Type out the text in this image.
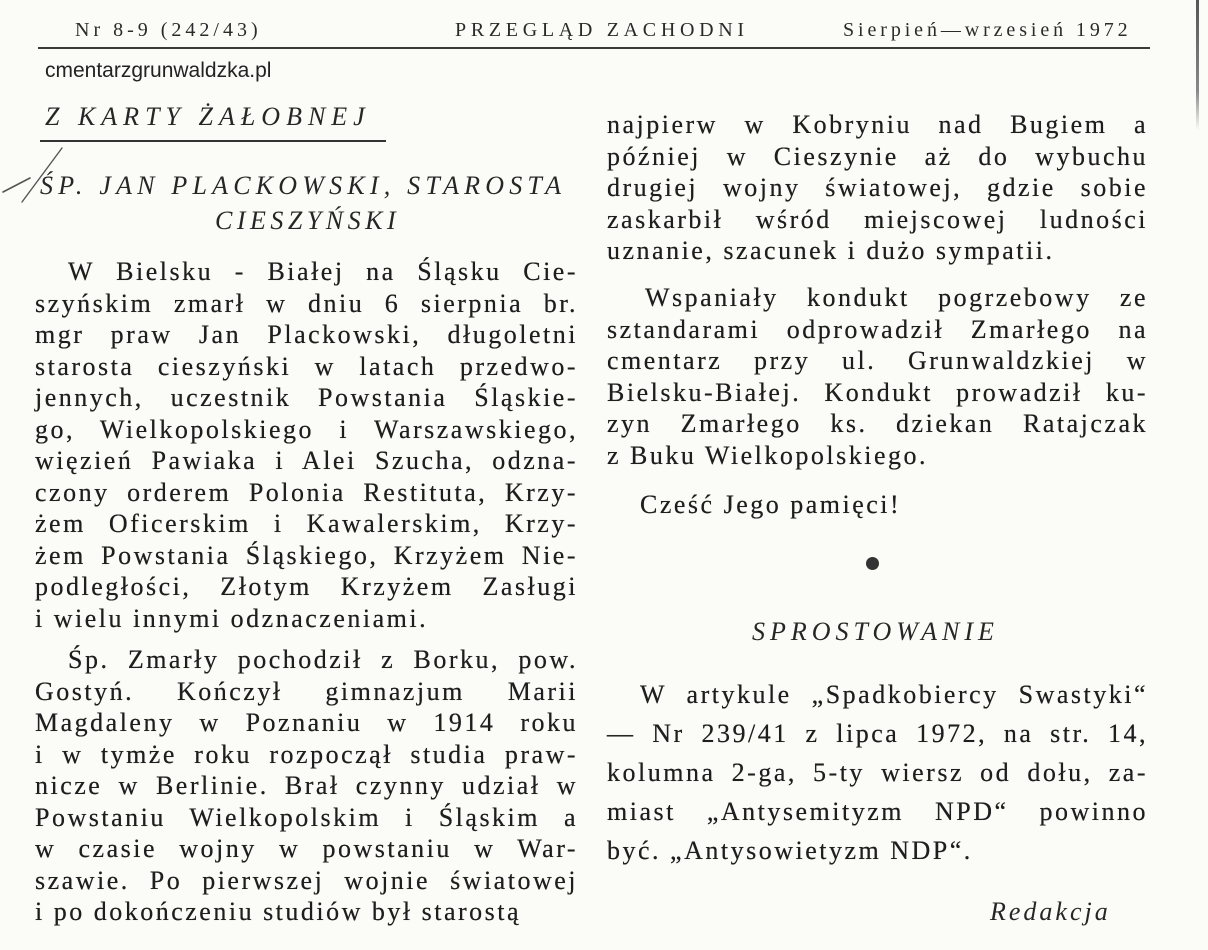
Nr 8-9 (242/43)	PRZEGLĄD ZACHODNI	Sierpień—wrzesień 1972
cmentarzgrunwaldzka.pl
Z KARTY ŻAŁOBNEJ
ŚP. JAN PLACKOWSKI, STAROSTA
CIESZYŃSKI
W Bielsku - Białej na Śląsku Cie-
szyńskim zmarł w dniu 6 sierpnia br.
mgr praw Jan Plackowski, długoletni
starosta cieszyński w latach przedwo-
jennych, uczestnik Powstania Śląskie-
go, Wielkopolskiego i Warszawskiego,
więzień Pawiaka i Alei Szucha, odzna-
czony orderem Polonia Restituta, Krzy-
żem Oficerskim i Kawalerskim, Krzy-
żem Powstania Śląskiego, Krzyżem Nie-
podległości, Złotym Krzyżem Zasługi
i wielu innymi odznaczeniami.
Śp. Zmarły pochodził z Borku, pow.
Gostyń. Kończył gimnazjum Marii
Magdaleny w Poznaniu w 1914 roku
i w tymże roku rozpoczął studia praw-
nicze w Berlinie. Brał czynny udział w
Powstaniu Wielkopolskim i Śląskim a
w czasie wojny w powstaniu w War-
szawie. Po pierwszej wojnie światowej
i po dokończeniu studiów był starostą
najpierw w Kobryniu nad Bugiem a
później w Cieszynie aż do wybuchu
drugiej wojny światowej, gdzie sobie
zaskarbił wśród miejscowej ludności
uznanie, szacunek i dużo sympatii.
Wspaniały kondukt pogrzebowy ze
sztandarami odprowadził Zmarłego na
cmentarz przy ul. Grunwaldzkiej w
Bielsku-Białej. Kondukt prowadził ku-
zyn Zmarłego ks. dziekan Ratajczak
z Buku Wielkopolskiego.
Cześć Jego pamięci!
SPROSTOWANIE
W artykule „Spadkobiercy Swastyki“
— Nr 239/41 z lipca 1972, na str. 14,
kolumna 2-ga, 5-ty wiersz od dołu, za-
miast „Antysemityzm NPD“ powinno
być. „Antysowietyzm NDP“.
Redakcja
